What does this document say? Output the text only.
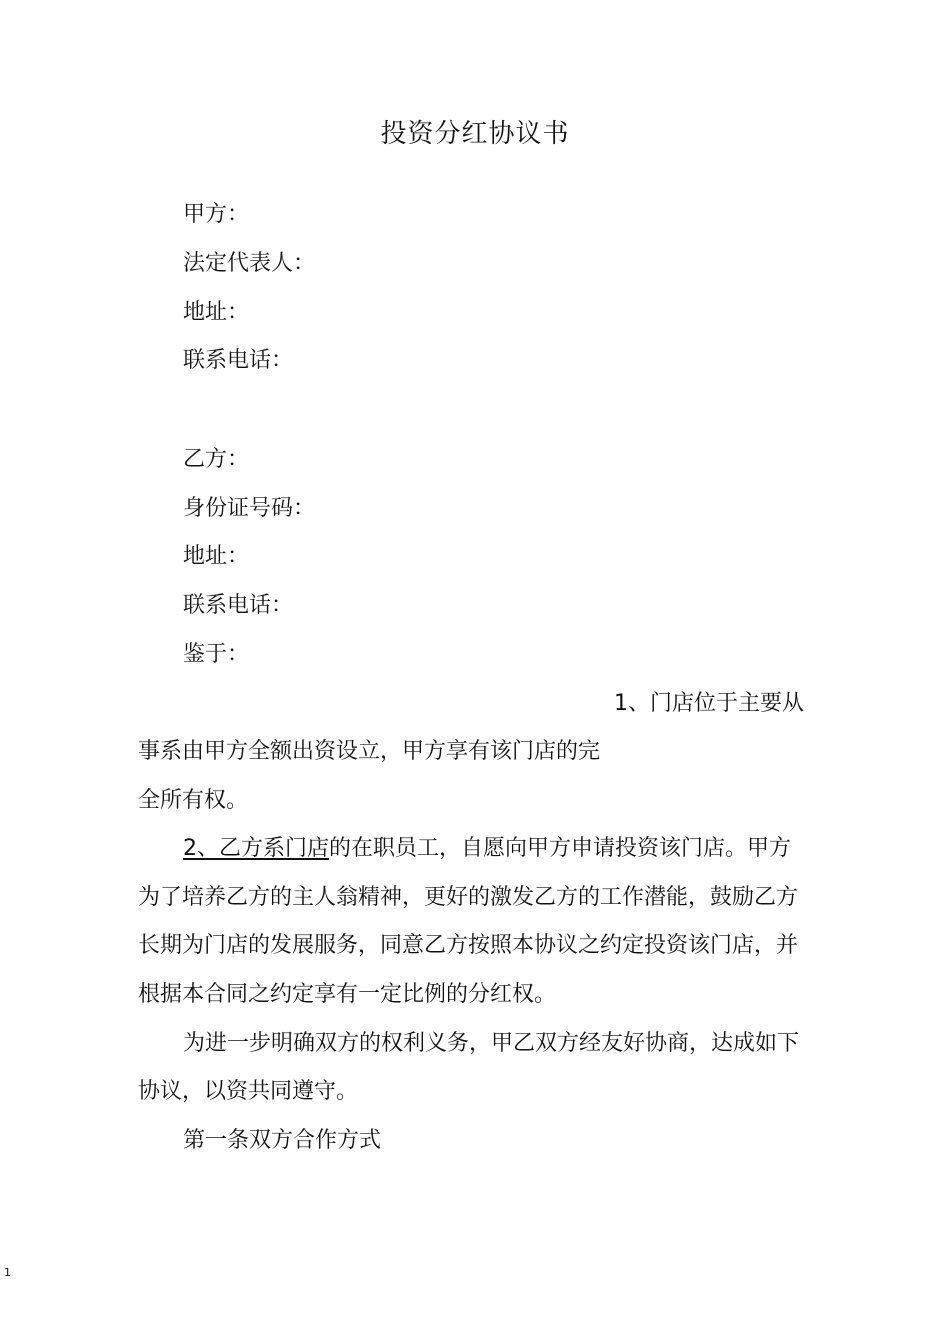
投资分红协议书
甲方：
法定代表人：
地址：
联系电话：
乙方：
身份证号码：
地址：
联系电话：
鉴于：
1、门店位于主要从
事系由甲方全额出资设立，甲方享有该门店的完
全所有权。
2、乙方系门店的在职员工，自愿向甲方申请投资该门店。甲方
为了培养乙方的主人翁精神，更好的激发乙方的工作潜能，鼓励乙方
长期为门店的发展服务，同意乙方按照本协议之约定投资该门店，并
根据本合同之约定享有一定比例的分红权。
为进一步明确双方的权利义务，甲乙双方经友好协商，达成如下
协议，以资共同遵守。
第一条双方合作方式
1
